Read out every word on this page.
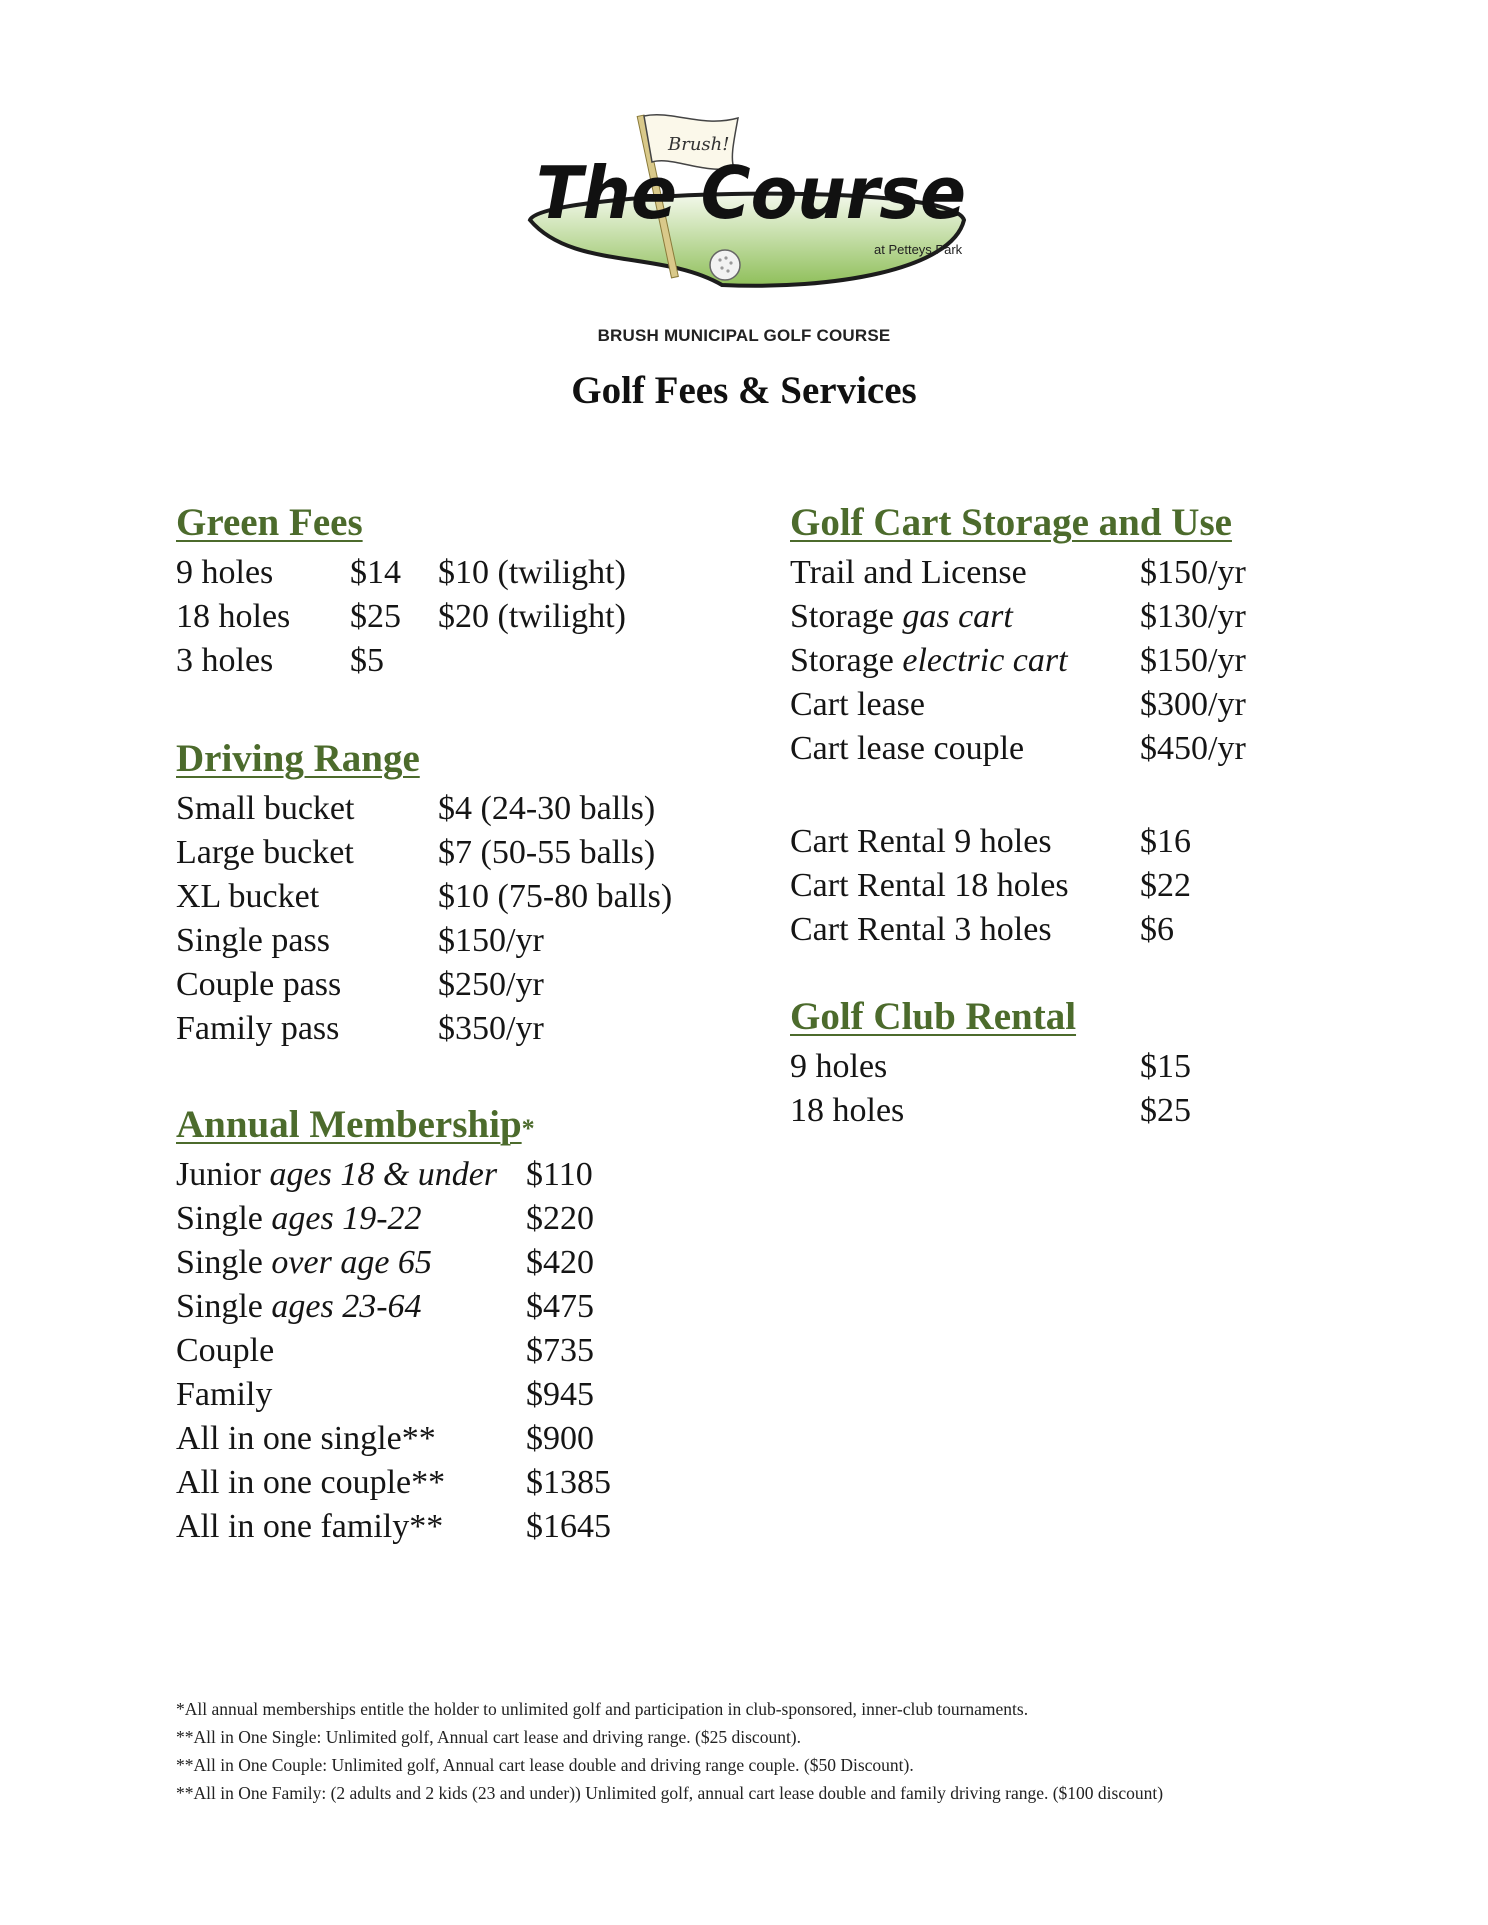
Brush!
The Course
at Petteys Park
BRUSH MUNICIPAL GOLF COURSE
Golf Fees & Services
Green Fees
9 holes $14 $10 (twilight)
18 holes $25 $20 (twilight)
3 holes $5
Driving Range
Small bucket $4 (24-30 balls)
Large bucket $7 (50-55 balls)
XL bucket	$10 (75-80 balls)
Single pass	$150/yr
Couple pass	$250/yr
Family pass	$350/yr
Annual Membership*
Junior ages 18 & under $110
Single ages 19-22	$220
Single over age 65	$420
Single ages 23-64	$475
Couple	$735
Family	$945
All in one single**	$900
All in one couple** $1385
All in one family** $1645
Golf Cart Storage and Use
Trail and License	$150/yr
Storage gas cart	$130/yr
Storage electric cart $150/yr
Cart lease	$300/yr
Cart lease couple	$450/yr
Cart Rental 9 holes	$16
Cart Rental 18 holes $22
Cart Rental 3 holes	$6
Golf Club Rental
9 holes	$15
18 holes	$25
*All annual memberships entitle the holder to unlimited golf and participation in club-sponsored, inner-club tournaments.
**All in One Single: Unlimited golf, Annual cart lease and driving range. ($25 discount).
**All in One Couple: Unlimited golf, Annual cart lease double and driving range couple. ($50 Discount).
**All in One Family: (2 adults and 2 kids (23 and under)) Unlimited golf, annual cart lease double and family driving range. ($100 discount)
